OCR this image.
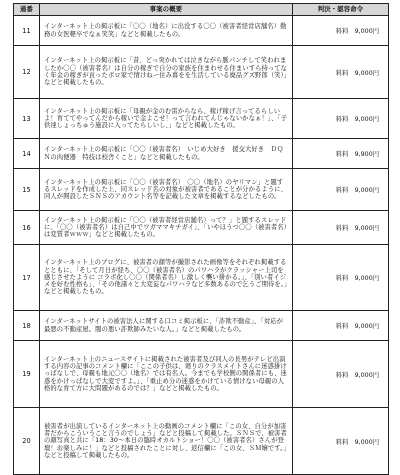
通番	事案の概要	判決・認容命令
11	インターネット上の掲示板に「〇〇（地名）に出没する〇〇（被害者経営店舗名）勤務の女医軽卒でなぁ笑笑」などと掲載したもの。	料料　9,000円
12	インターネット上の掲示板に「昔、どっ突かれては泣きながら脈パンチして笑われましたか〇〇（被害者名）は自分の稼ぎで自分の家族を住まわせる住まいすら持ってなく年金の稼ぎが貢ったボロ家で情けねー住み暮をを生活している廃品グズ野郎（笑）」などと掲載したもの。	料料　9,000円
13	インターネット上の掲示板に「母親が金のむ雷からなら、稼げ稼げ言ってるらしいよ！育ててやってんだから稼いで金よこせ！って言われてんじゃないかなぁ！」、「子供達しょっちゅう施設に入ってたらしいし、」などと掲載したもの。	料料　9,000円
14	インターネット上の掲示板に「〇〇（被害者名）　いじめ大好き　援交大好き　ＤＱＮの肉便器　特技は校舎くこと」などと掲載したもの。	料料　9,900円
15	インターネット上の掲示板に「〇〇（被害者名）　〇〇（地名）のヤリマン」と題するスレッドを作成した上、同スレッド名の対象が被害者であることが分かるように、同人が開設したＳＮＳのアカウント名等を記載した文章を掲載するなどしたもの。	料料　9,000円
16	インターネット上の掲示板に「〇〇（被害者経営店舗名）って？」と題するスレッドに、「〇〇（被害者名）は自己中でワガママキチガイ」、「いやほうつ〇〇（被害者名）は変質者ｗｗｗ」などと掲載したもの。	料料　9,000円
17	インターネット上のブログに、被害者の顔等が撮影された画像等をそれぞれ掲載するとともに、「そして月日が経ち、〇〇（被害者名）のパワハラがクラッシャー上司を感じさせたように コラボ化し〇〇（関係者名）し激しく襲い掛かる。」、「別い者イジメを好む性格も」、「その他諸々と大変妄なパワハラなど多数あるので乞うご期待を。」などと掲載したもの。	料料　9,000円
18	インターネットサイトの被害法人に関する口コミ掲示板に、「詐欺不動産」、「対応が最悪の不動産屋。闇の悪い詐欺師みたいな人。」などと掲載したもの。	料料　9,000円
19	インターネット上のニュースサイトに掲載された被害者及び同人の長男がテレビ出演する内容の記事のコメント欄に「ここの子供は、廻りのクラスメイトさんに迷惑掛けっぱなしで、母親も地元〇〇（地名）では有名人。今までも学校側の関係者にも、迷惑をかけっぱなしで大変ですよ。」、「重止め分の迷惑をかけている情けない母親の人格的な育て方に大問題があるのでは？」などと掲載したもの。	料料　9,000円
20	被害者が出演しているインターネット上の動画のコメント欄に「この女、自分が加害者だからこういうこと言うのでしょう」などと投稿して掲載した。ＳＮＳで、被害者の顔写真と共に「18：30～本日の臨時オカルトショー！〇〇（被害者名）さんが登壇！お楽しみに！」などと投稿されたことに対し、返信欄に「この女、ＳＭ嬢です。」などと投稿して掲載したもの。	料料　9,000円
